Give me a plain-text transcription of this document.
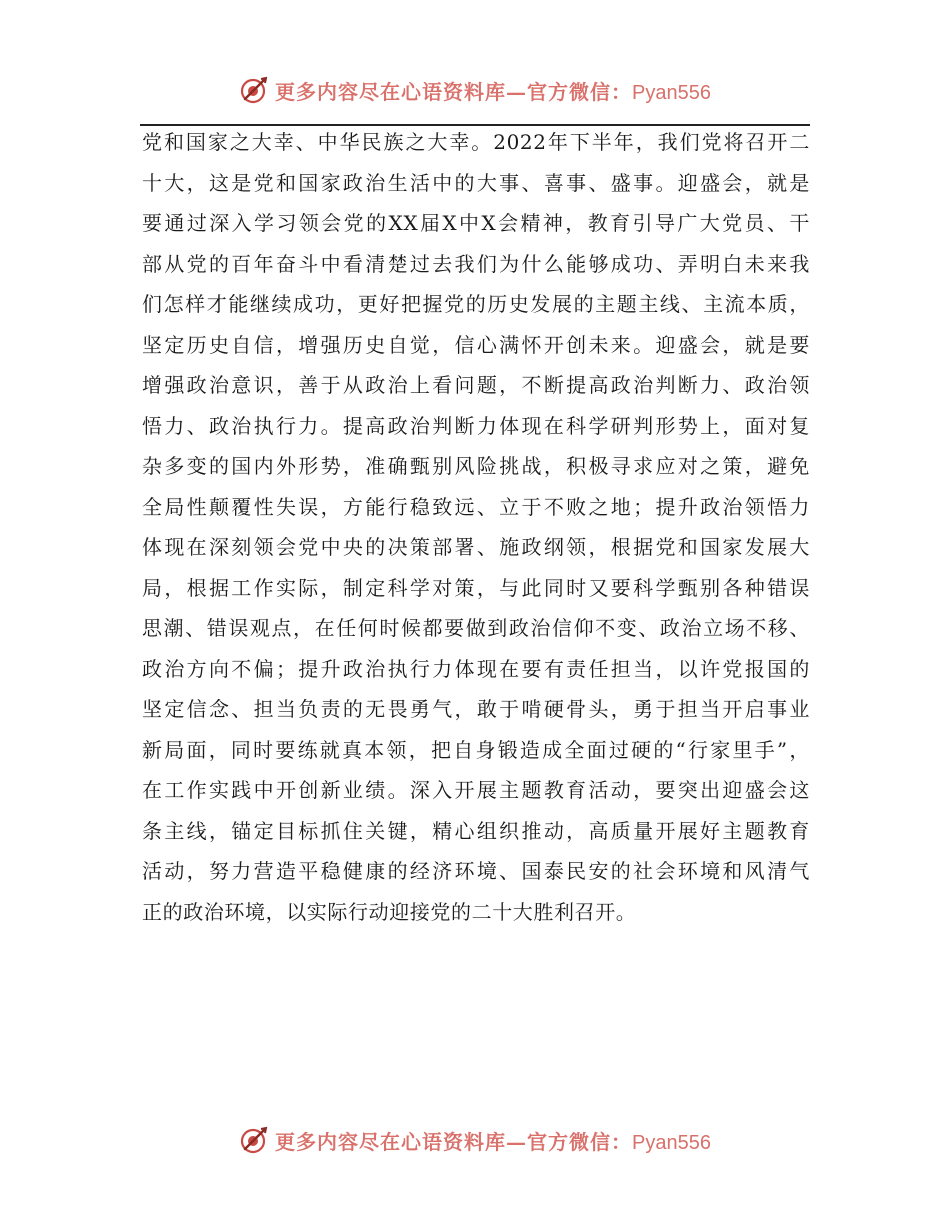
更多内容尽在心语资料库—官方微信：Pyan556
党和国家之大幸、中华民族之大幸。2022年下半年，我们党将召开二
十大，这是党和国家政治生活中的大事、喜事、盛事。迎盛会，就是
要通过深入学习领会党的XX届X中X会精神，教育引导广大党员、干
部从党的百年奋斗中看清楚过去我们为什么能够成功、弄明白未来我
们怎样才能继续成功，更好把握党的历史发展的主题主线、主流本质，
坚定历史自信，增强历史自觉，信心满怀开创未来。迎盛会，就是要
增强政治意识，善于从政治上看问题，不断提高政治判断力、政治领
悟力、政治执行力。提高政治判断力体现在科学研判形势上，面对复
杂多变的国内外形势，准确甄别风险挑战，积极寻求应对之策，避免
全局性颠覆性失误，方能行稳致远、立于不败之地；提升政治领悟力
体现在深刻领会党中央的决策部署、施政纲领，根据党和国家发展大
局，根据工作实际，制定科学对策，与此同时又要科学甄别各种错误
思潮、错误观点，在任何时候都要做到政治信仰不变、政治立场不移、
政治方向不偏；提升政治执行力体现在要有责任担当，以许党报国的
坚定信念、担当负责的无畏勇气，敢于啃硬骨头，勇于担当开启事业
新局面，同时要练就真本领，把自身锻造成全面过硬的“行家里手”，
在工作实践中开创新业绩。深入开展主题教育活动，要突出迎盛会这
条主线，锚定目标抓住关键，精心组织推动，高质量开展好主题教育
活动，努力营造平稳健康的经济环境、国泰民安的社会环境和风清气
正的政治环境，以实际行动迎接党的二十大胜利召开。
更多内容尽在心语资料库—官方微信：Pyan556
